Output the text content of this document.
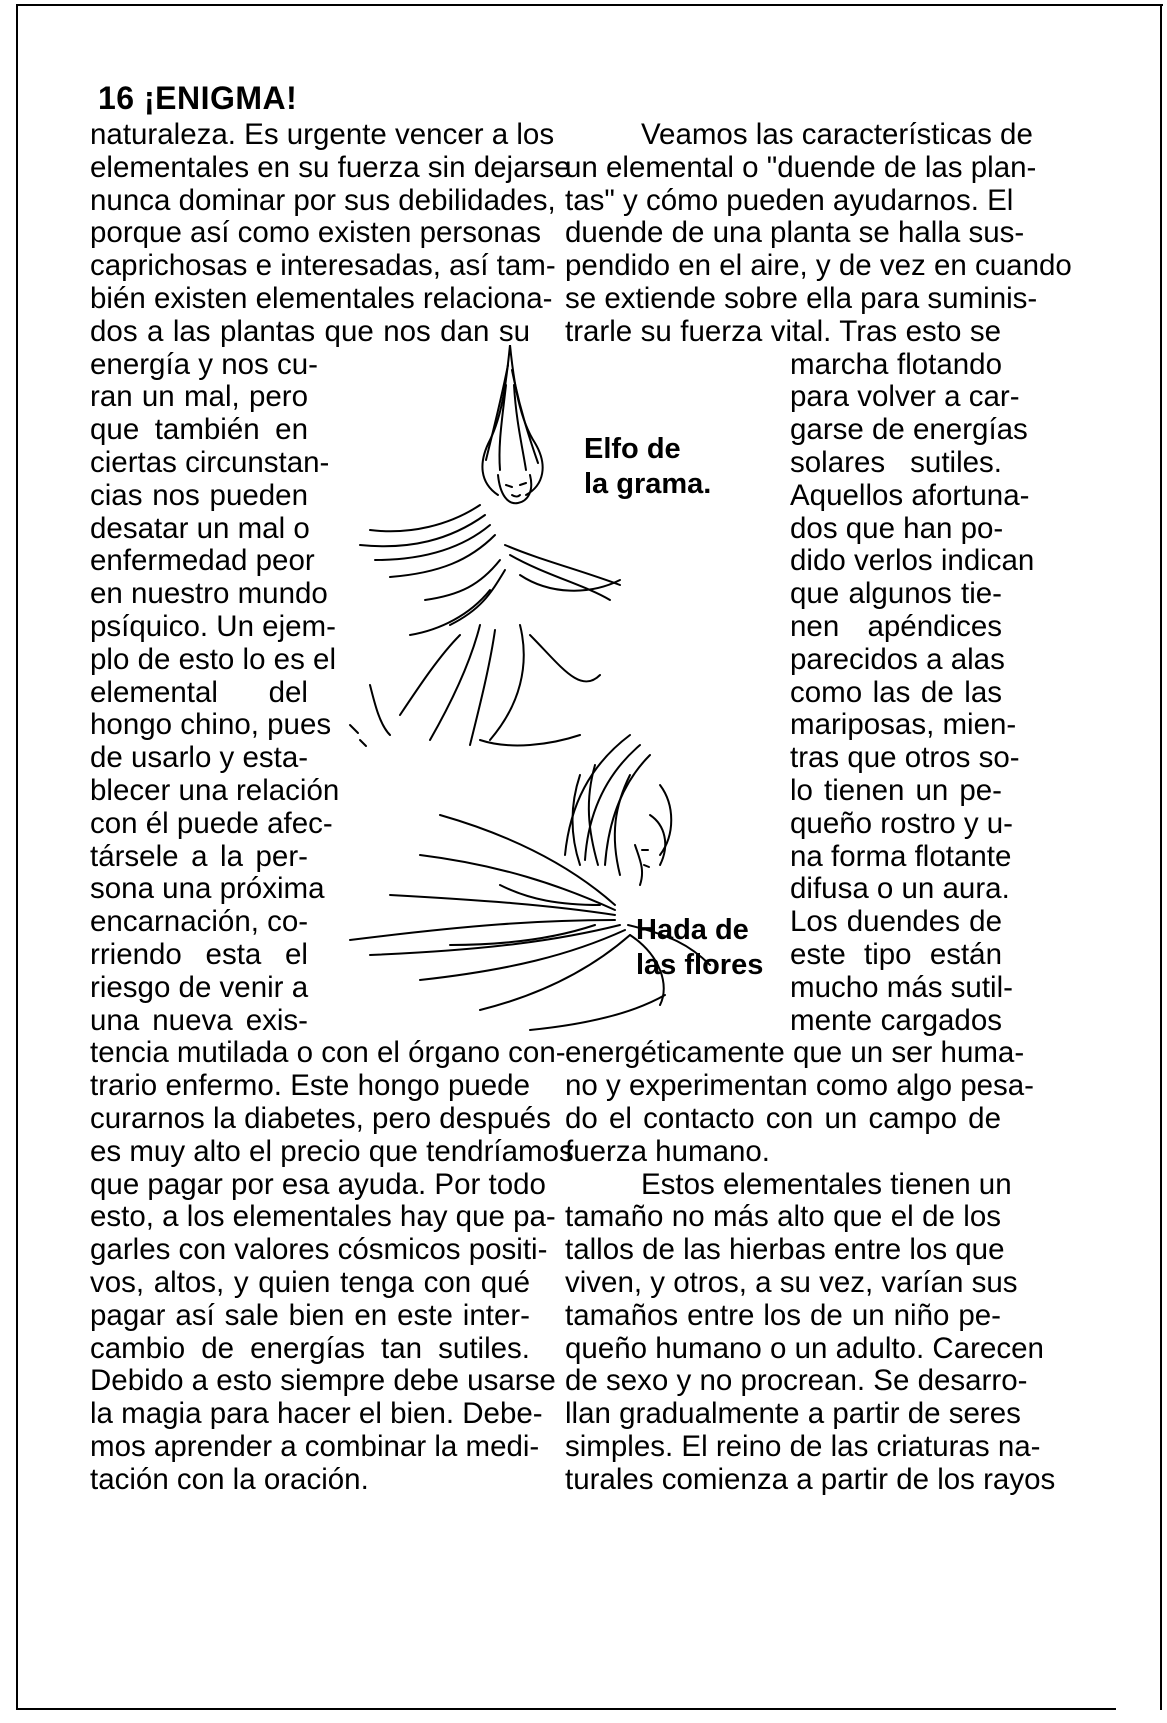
16 ¡ENIGMA!
Elfo de
la grama.
Hada de
las flores

naturaleza. Es urgente vencer a los

elementales en su fuerza sin dejarse

nunca dominar por sus debilidades,

porque así como existen personas

caprichosas e interesadas, así tam-

bién existen elementales relaciona-

dos a las plantas que nos dan su

energía y nos cu-

ran un mal, pero

que también en

ciertas circunstan-

cias nos pueden

desatar un mal o

enfermedad peor

en nuestro mundo

psíquico. Un ejem-

plo de esto lo es el

elemental del

hongo chino, pues

de usarlo y esta-

blecer una relación

con él puede afec-

társele a la per-

sona una próxima

encarnación, co-

rriendo esta el

riesgo de venir a

una nueva exis-

tencia mutilada o con el órgano con-

trario enfermo. Este hongo puede

curarnos la diabetes, pero después

es muy alto el precio que tendríamos

que pagar por esa ayuda. Por todo

esto, a los elementales hay que pa-

garles con valores cósmicos positi-

vos, altos, y quien tenga con qué

pagar así sale bien en este inter-

cambio de energías tan sutiles.

Debido a esto siempre debe usarse

la magia para hacer el bien. Debe-

mos aprender a combinar la medi-

tación con la oración.

Veamos las características de

un elemental o "duende de las plan-

tas" y cómo pueden ayudarnos. El

duende de una planta se halla sus-

pendido en el aire, y de vez en cuando

se extiende sobre ella para suminis-

trarle su fuerza vital. Tras esto se

marcha flotando

para volver a car-

garse de energías

solares sutiles.

Aquellos afortuna-

dos que han po-

dido verlos indican

que algunos tie-

nen apéndices

parecidos a alas

como las de las

mariposas, mien-

tras que otros so-

lo tienen un pe-

queño rostro y u-

na forma flotante

difusa o un aura.

Los duendes de

este tipo están

mucho más sutil-

mente cargados

energéticamente que un ser huma-

no y experimentan como algo pesa-

do el contacto con un campo de

fuerza humano.

Estos elementales tienen un

tamaño no más alto que el de los

tallos de las hierbas entre los que

viven, y otros, a su vez, varían sus

tamaños entre los de un niño pe-

queño humano o un adulto. Carecen

de sexo y no procrean. Se desarro-

llan gradualmente a partir de seres

simples. El reino de las criaturas na-

turales comienza a partir de los rayos
